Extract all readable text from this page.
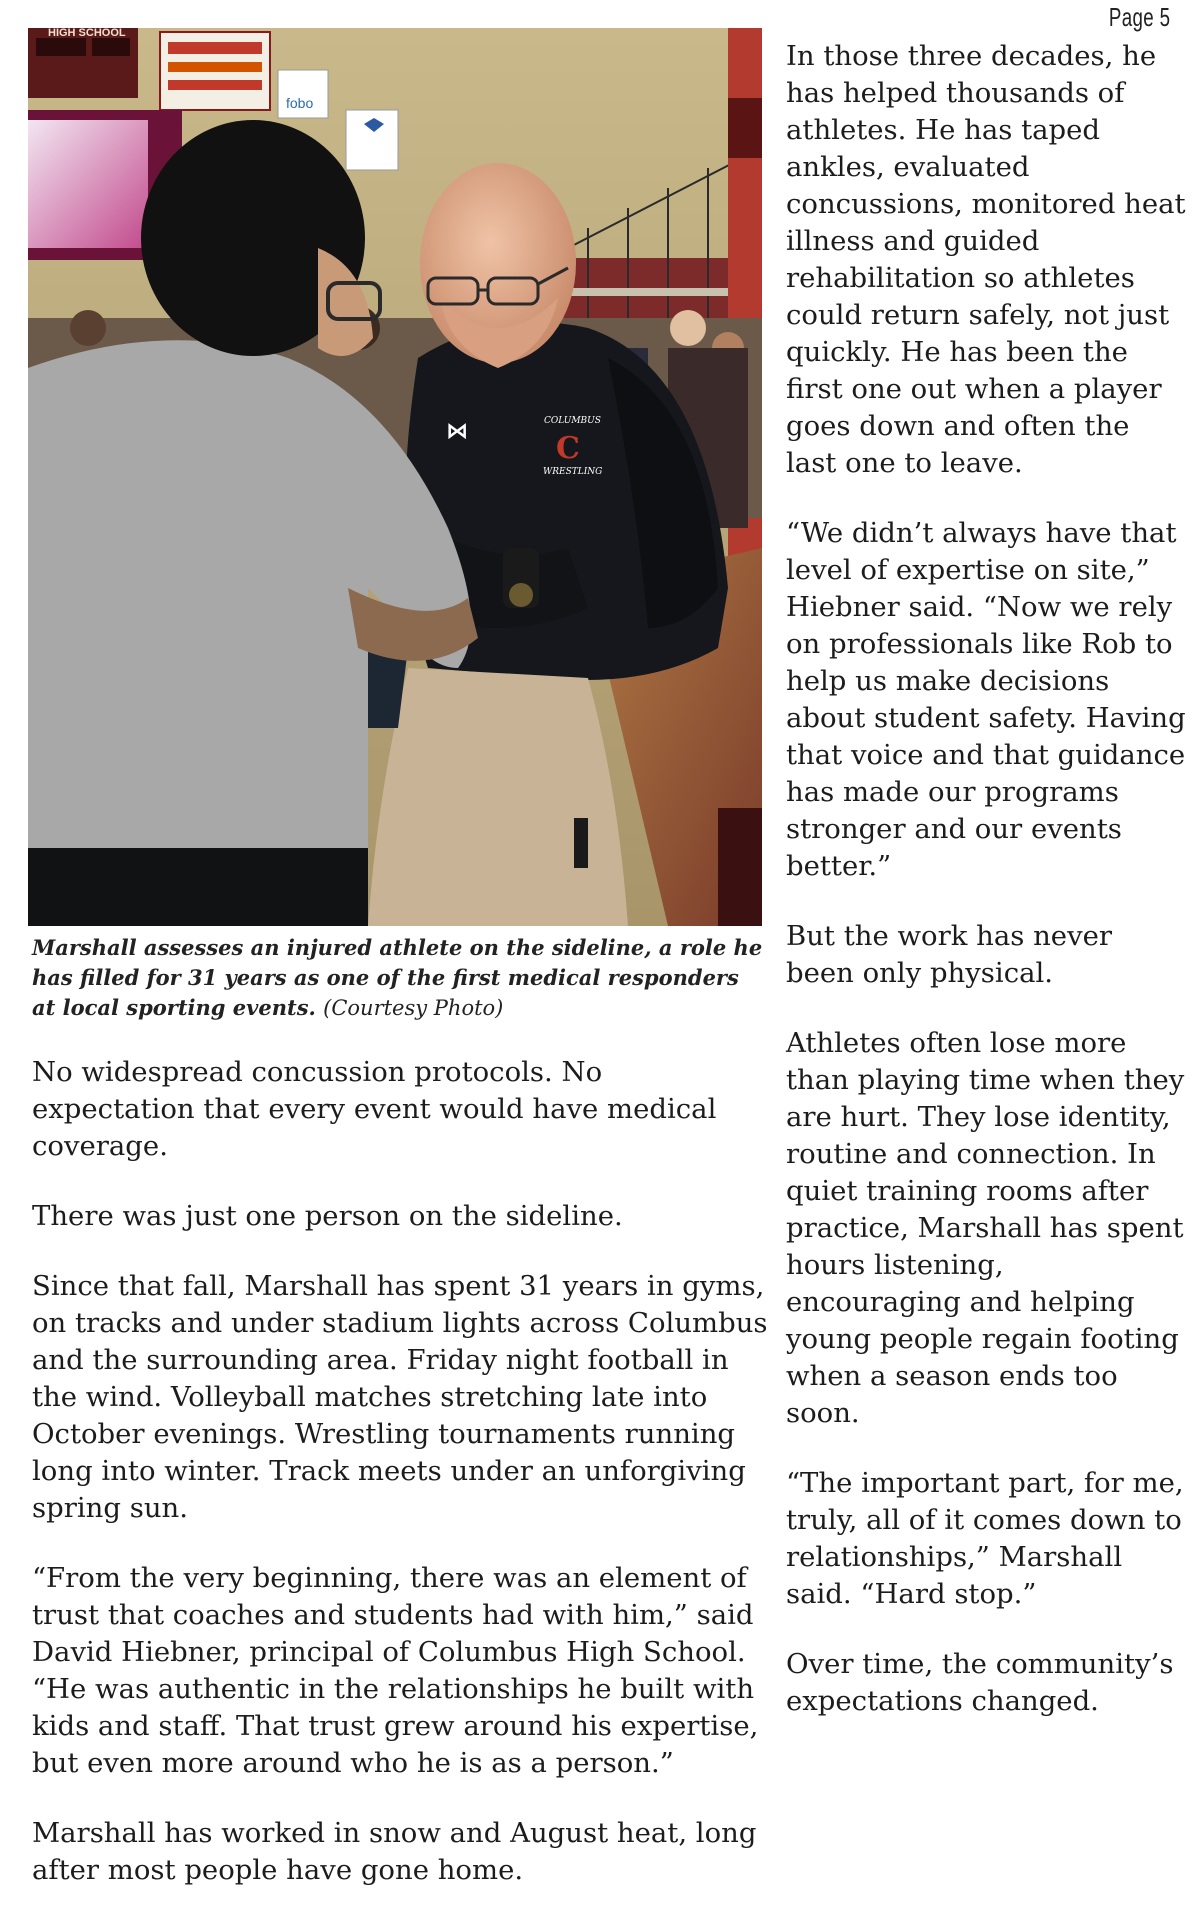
Page 5
HIGH SCHOOL
fobo
⋈	COLUMBUS
C
WRESTLING
Marshall assesses an injured athlete on the sideline, a role he has filled for 31 years as one of the first medical responders at local sporting events. (Courtesy Photo)

No widespread concussion protocols. No expectation that every event would have medical coverage.

There was just one person on the sideline.

Since that fall, Marshall has spent 31 years in gyms, on tracks and under stadium lights across Columbus and the surrounding area. Friday night football in the wind. Volleyball matches stretching late into October evenings. Wrestling tournaments running long into winter. Track meets under an unforgiving spring sun.

“From the very beginning, there was an element of trust that coaches and students had with him,” said David Hiebner, principal of Columbus High School. “He was authentic in the relationships he built with kids and staff. That trust grew around his expertise, but even more around who he is as a person.”

Marshall has worked in snow and August heat, long after most people have gone home.

In those three decades, he has helped thousands of athletes. He has taped ankles, evaluated concussions, monitored heat illness and guided rehabilitation so athletes could return safely, not just quickly. He has been the first one out when a player goes down and often the last one to leave.

“We didn’t always have that level of expertise on site,” Hiebner said. “Now we rely on professionals like Rob to help us make decisions about student safety. Having that voice and that guidance has made our programs stronger and our events better.”

But the work has never been only physical.

Athletes often lose more than playing time when they are hurt. They lose identity, routine and connection. In quiet training rooms after practice, Marshall has spent hours listening, encouraging and helping young people regain footing when a season ends too soon.

“The important part, for me, truly, all of it comes down to relationships,” Marshall said. “Hard stop.”

Over time, the community’s expectations changed.
